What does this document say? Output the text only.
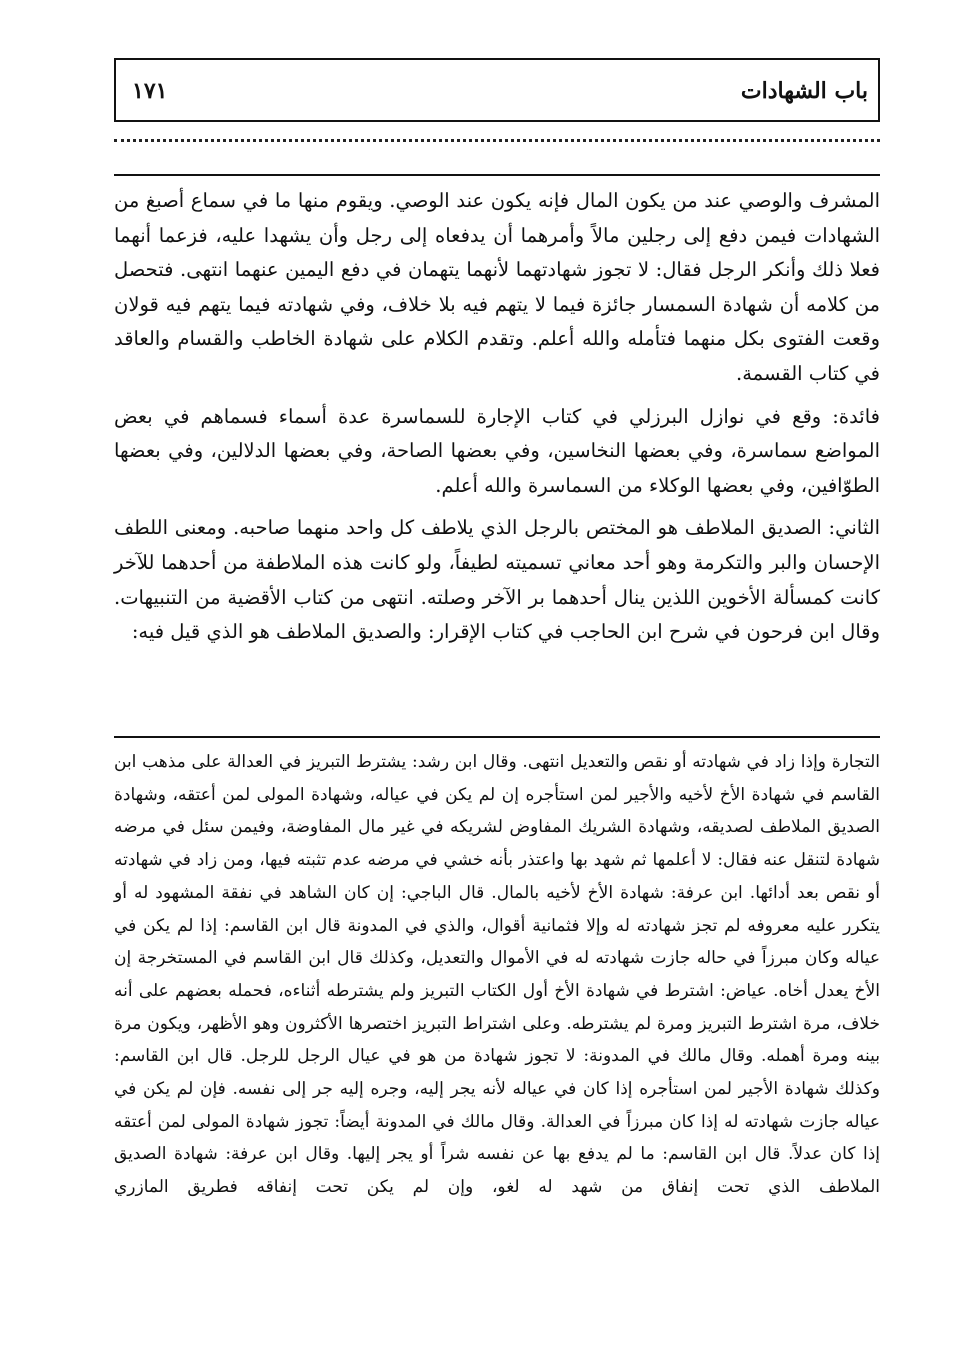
باب الشهادات
١٧١

المشرف والوصي عند من يكون المال فإنه يكون عند الوصي. ويقوم منها ما في سماع أصبغ من الشهادات فيمن دفع إلى رجلين مالاً وأمرهما أن يدفعاه إلى رجل وأن يشهدا عليه، فزعما أنهما فعلا ذلك وأنكر الرجل فقال: لا تجوز شهادتهما لأنهما يتهمان في دفع اليمين عنهما انتهى. فتحصل من كلامه أن شهادة السمسار جائزة فيما لا يتهم فيه بلا خلاف، وفي شهادته فيما يتهم فيه قولان وقعت الفتوى بكل منهما فتأمله والله أعلم. وتقدم الكلام على شهادة الخاطب والقسام والعاقد في كتاب القسمة.

فائدة: وقع في نوازل البرزلي في كتاب الإجارة للسماسرة عدة أسماء فسماهم في بعض المواضع سماسرة، وفي بعضها النخاسين، وفي بعضها الصاحة، وفي بعضها الدلالين، وفي بعضها الطوّافين، وفي بعضها الوكلاء من السماسرة والله أعلم.

الثاني: الصديق الملاطف هو المختص بالرجل الذي يلاطف كل واحد منهما صاحبه. ومعنى اللطف الإحسان والبر والتكرمة وهو أحد معاني تسميته لطيفاً، ولو كانت هذه الملاطفة من أحدهما للآخر كانت كمسألة الأخوين اللذين ينال أحدهما بر الآخر وصلته. انتهى من كتاب الأقضية من التنبيهات. وقال ابن فرحون في شرح ابن الحاجب في كتاب الإقرار: والصديق الملاطف هو الذي قيل فيه:

التجارة وإذا زاد في شهادته أو نقص والتعديل انتهى. وقال ابن رشد: يشترط التبريز في العدالة على مذهب ابن القاسم في شهادة الأخ لأخيه والأجير لمن استأجره إن لم يكن في عياله، وشهادة المولى لمن أعتقه، وشهادة الصديق الملاطف لصديقه، وشهادة الشريك المفاوض لشريكه في غير مال المفاوضة، وفيمن سئل في مرضه شهادة لتنقل عنه فقال: لا أعلمها ثم شهد بها واعتذر بأنه خشي في مرضه عدم تثبته فيها، ومن زاد في شهادته أو نقص بعد أدائها. ابن عرفة: شهادة الأخ لأخيه بالمال. قال الباجي: إن كان الشاهد في نفقة المشهود له أو يتكرر عليه معروفه لم تجز شهادته له وإلا فثمانية أقوال، والذي في المدونة قال ابن القاسم: إذا لم يكن في عياله وكان مبرزاً في حاله جازت شهادته له في الأموال والتعديل، وكذلك قال ابن القاسم في المستخرجة إن الأخ يعدل أخاه. عياض: اشترط في شهادة الأخ أول الكتاب التبريز ولم يشترطه أثناءه، فحمله بعضهم على أنه خلاف، مرة اشترط التبريز ومرة لم يشترطه. وعلى اشتراط التبريز اختصرها الأكثرون وهو الأظهر، ويكون مرة بينه ومرة أهمله. وقال مالك في المدونة: لا تجوز شهادة من هو في عيال الرجل للرجل. قال ابن القاسم: وكذلك شهادة الأجير لمن استأجره إذا كان في عياله لأنه يجر إليه، وجره إليه جر إلى نفسه. فإن لم يكن في عياله جازت شهادته له إذا كان مبرزاً في العدالة. وقال مالك في المدونة أيضاً: تجوز شهادة المولى لمن أعتقه إذا كان عدلاً. قال ابن القاسم: ما لم يدفع بها عن نفسه شراً أو يجر إليها. وقال ابن عرفة: شهادة الصديق الملاطف الذي تحت إنفاق من شهد له لغو، وإن لم يكن تحت إنفاقه فطريق المازري
